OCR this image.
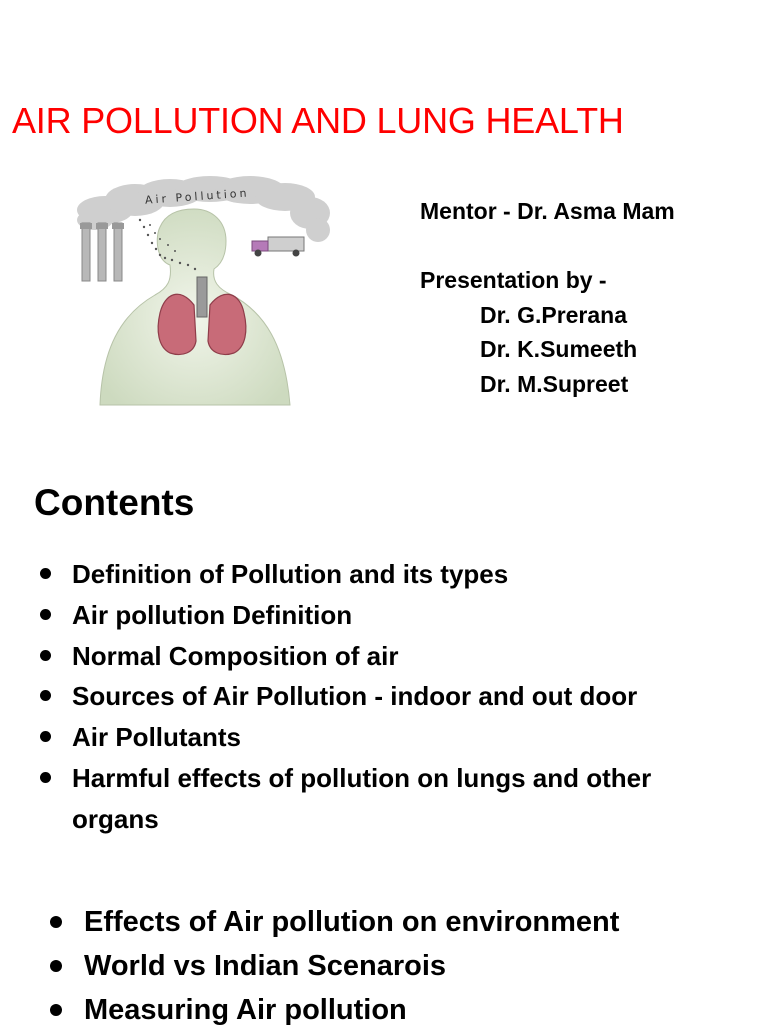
AIR POLLUTION AND LUNG HEALTH
Air Pollution
Mentor - Dr. Asma Mam
Presentation by -
Dr. G.Prerana
Dr. K.Sumeeth
Dr. M.Supreet
Contents
Definition of Pollution and its types
Air pollution Definition
Normal Composition of air
Sources of Air Pollution - indoor and out door
Air Pollutants
Harmful effects of pollution on lungs and other organs
Effects of Air pollution on environment
World vs Indian Scenarois
Measuring Air pollution
